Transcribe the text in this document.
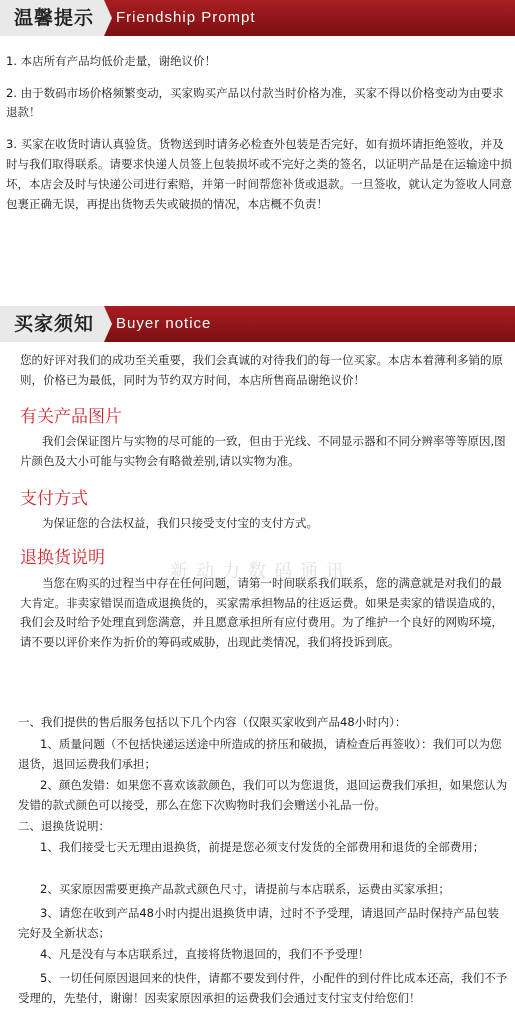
温馨提示	Friendship Prompt
1. 本店所有产品均低价走量，谢绝议价！
2. 由于数码市场价格频繁变动，买家购买产品以付款当时价格为准，买家不得以价格变动为由要求退款！
3. 买家在收货时请认真验货。货物送到时请务必检查外包装是否完好，如有损坏请拒绝签收，并及时与我们取得联系。请要求快递人员签上包装损坏或不完好之类的签名，以证明产品是在运输途中损坏，本店会及时与快递公司进行索赔，并第一时间帮您补货或退款。一旦签收，就认定为签收人同意包裹正确无误，再提出货物丢失或破损的情况，本店概不负责！
买家须知	Buyer notice
您的好评对我们的成功至关重要，我们会真诚的对待我们的每一位买家。本店本着薄利多销的原则，价格已为最低，同时为节约双方时间，本店所售商品谢绝议价！
有关产品图片
我们会保证图片与实物的尽可能的一致，但由于光线、不同显示器和不同分辨率等等原因,图片颜色及大小可能与实物会有略微差别,请以实物为准。
支付方式
为保证您的合法权益，我们只接受支付宝的支付方式。
退换货说明
新动力数码通讯
当您在购买的过程当中存在任何问题，请第一时间联系我们联系，您的满意就是对我们的最大肯定。非卖家错误而造成退换货的，买家需承担物品的往返运费。如果是卖家的错误造成的，我们会及时给予处理直到您满意，并且愿意承担所有应付费用。为了维护一个良好的网购环境，请不要以评价来作为折价的筹码或威胁，出现此类情况，我们将投诉到底。
一、我们提供的售后服务包括以下几个内容（仅限买家收到产品48小时内）：
1、质量问题（不包括快递运送途中所造成的挤压和破损，请检查后再签收）：我们可以为您退货，退回运费我们承担；
2、颜色发错：如果您不喜欢该款颜色，我们可以为您退货，退回运费我们承担，如果您认为发错的款式颜色可以接受，那么在您下次购物时我们会赠送小礼品一份。
二、退换货说明：
1、我们接受七天无理由退换货，前提是您必须支付发货的全部费用和退货的全部费用；
2、买家原因需要更换产品款式颜色尺寸，请提前与本店联系，运费由买家承担；
3、请您在收到产品48小时内提出退换货申请，过时不予受理，请退回产品时保持产品包装完好及全新状态；
4、凡是没有与本店联系过，直接将货物退回的，我们不予受理！
5、一切任何原因退回来的快件，请都不要发到付件，小配件的到付件比成本还高，我们不予受理的，先垫付，谢谢！因卖家原因承担的运费我们会通过支付宝支付给您们！
